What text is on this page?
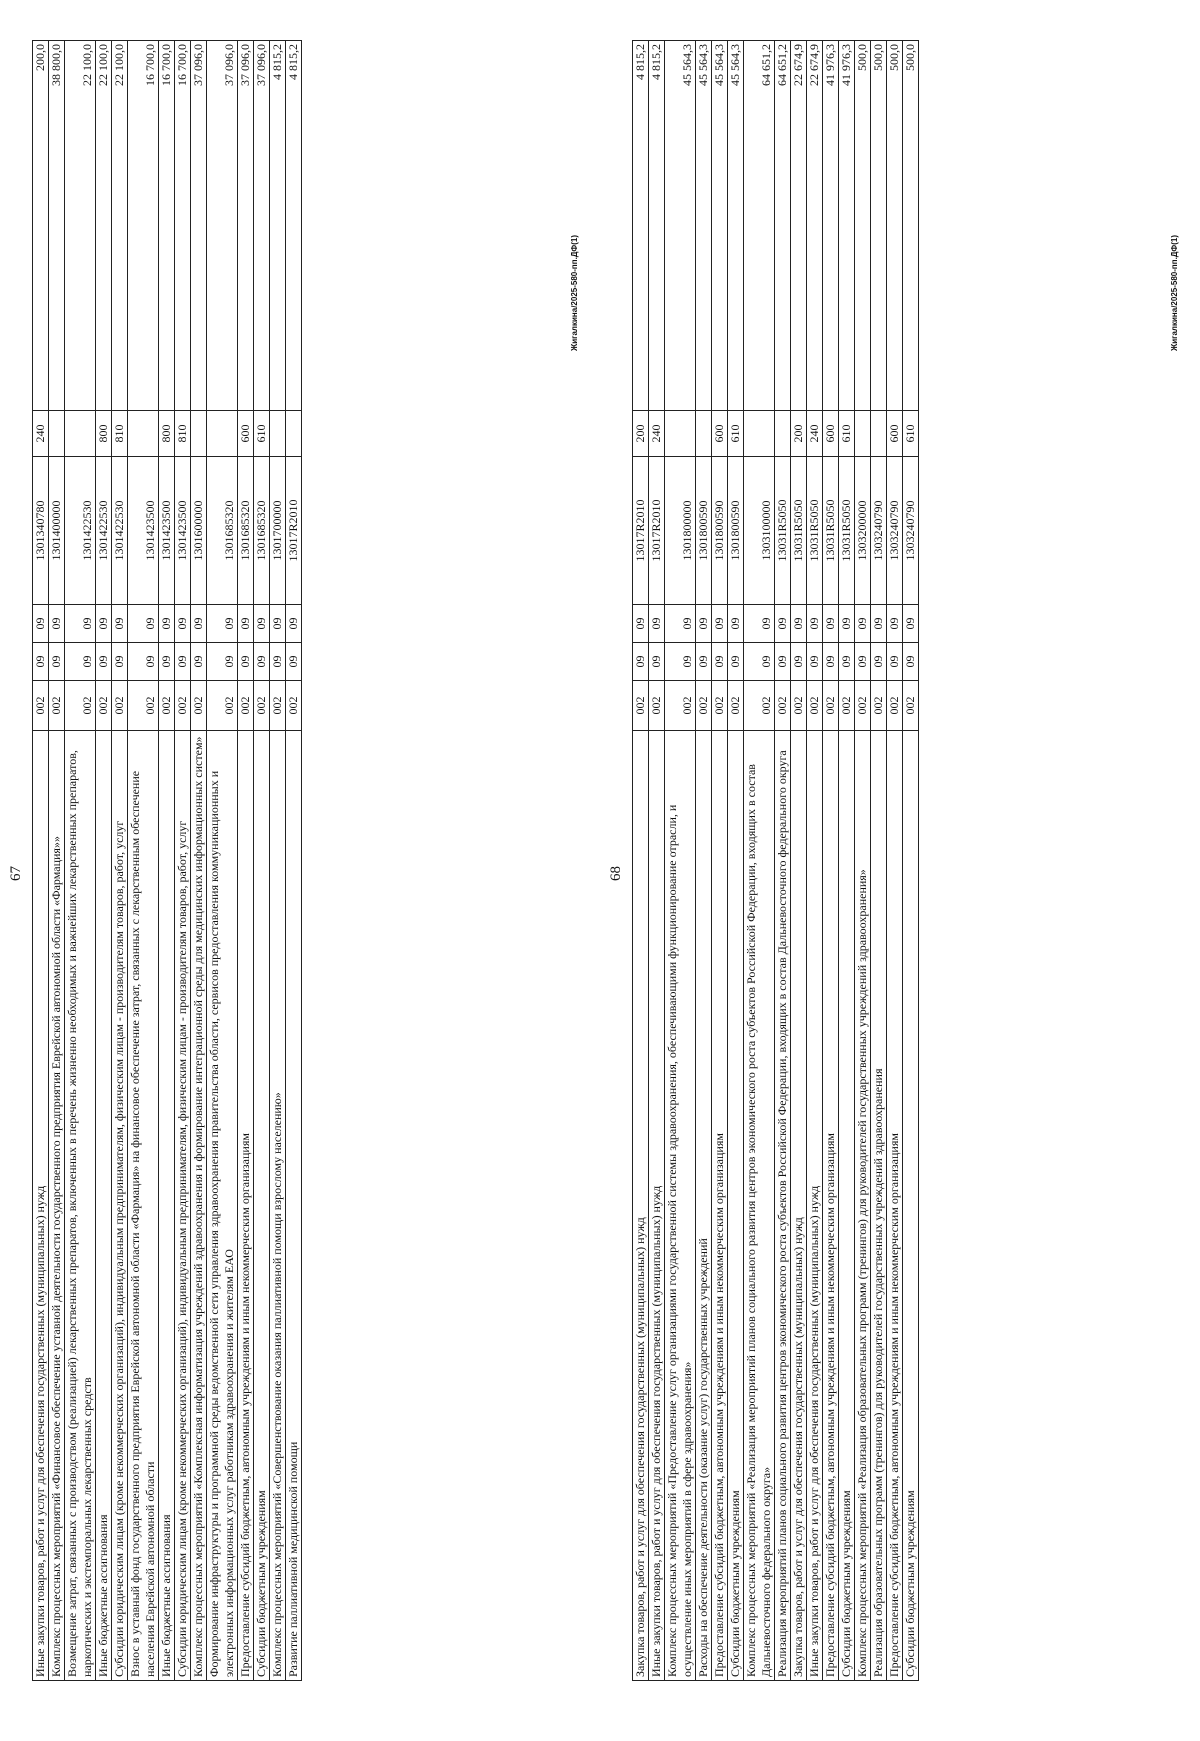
67
Иные закупки товаров, работ и услуг для обеспечения государственных (муниципальных) нужд	002	09	09	1301340780	240	200,0
Комплекс процессных мероприятий «Финансовое обеспечение уставной деятельности государственного предприятия Еврейской автономной области «Фармация»»	002	09	09	1301400000		38 800,0
Возмещение затрат, связанных с производством (реализацией) лекарственных препаратов, включенных в перечень жизненно необходимых и важнейших лекарственных препаратов, наркотических и экстемпоральных лекарственных средств	002	09	09	1301422530		22 100,0
Иные бюджетные ассигнования	002	09	09	1301422530	800	22 100,0
Субсидии юридическим лицам (кроме некоммерческих организаций), индивидуальным предпринимателям, физическим лицам - производителям товаров, работ, услуг	002	09	09	1301422530	810	22 100,0
Взнос в уставный фонд государственного предприятия Еврейской автономной области «Фармация» на финансовое обеспечение затрат, связанных с лекарственным обеспечение населения Еврейской автономной области	002	09	09	1301423500		16 700,0
Иные бюджетные ассигнования	002	09	09	1301423500	800	16 700,0
Субсидии юридическим лицам (кроме некоммерческих организаций), индивидуальным предпринимателям, физическим лицам - производителям товаров, работ, услуг	002	09	09	1301423500	810	16 700,0
Комплекс процессных мероприятий «Комплексная информатизация учреждений здравоохранения и формирование интеграционной среды для медицинских информационных систем»	002	09	09	1301600000		37 096,0
Формирование инфраструктуры и программной среды ведомственной сети управления здравоохранения правительства области, сервисов предоставления коммуникационных и электронных информационных услуг работникам здравоохранения и жителям ЕАО	002	09	09	1301685320		37 096,0
Предоставление субсидий бюджетным, автономным учреждениям и иным некоммерческим организациям	002	09	09	1301685320	600	37 096,0
Субсидии бюджетным учреждениям	002	09	09	1301685320	610	37 096,0
Комплекс процессных мероприятий «Совершенствование оказания паллиативной помощи взрослому населению»	002	09	09	1301700000		4 815,2
Развитие паллиативной медицинской помощи	002	09	09	13017R2010		4 815,2
Жигалкина/2025-580-пп.ДФ(1)
68
Закупка товаров, работ и услуг для обеспечения государственных (муниципальных) нужд	002	09	09	13017R2010	200	4 815,2
Иные закупки товаров, работ и услуг для обеспечения государственных (муниципальных) нужд	002	09	09	13017R2010	240	4 815,2
Комплекс процессных мероприятий «Предоставление услуг организациями государственной системы здравоохранения, обеспечивающими функционирование отрасли, и осуществление иных мероприятий в сфере здравоохранения»	002	09	09	1301800000		45 564,3
Расходы на обеспечение деятельности (оказание услуг) государственных учреждений	002	09	09	1301800590		45 564,3
Предоставление субсидий бюджетным, автономным учреждениям и иным некоммерческим организациям	002	09	09	1301800590	600	45 564,3
Субсидии бюджетным учреждениям	002	09	09	1301800590	610	45 564,3
Комплекс процессных мероприятий «Реализация мероприятий планов социального развития центров экономического роста субъектов Российской Федерации, входящих в состав Дальневосточного федерального округа»	002	09	09	1303100000		64 651,2
Реализация мероприятий планов социального развития центров экономического роста субъектов Российской Федерации, входящих в состав Дальневосточного федерального округа	002	09	09	13031R5050		64 651,2
Закупка товаров, работ и услуг для обеспечения государственных (муниципальных) нужд	002	09	09	13031R5050	200	22 674,9
Иные закупки товаров, работ и услуг для обеспечения государственных (муниципальных) нужд	002	09	09	13031R5050	240	22 674,9
Предоставление субсидий бюджетным, автономным учреждениям и иным некоммерческим организациям	002	09	09	13031R5050	600	41 976,3
Субсидии бюджетным учреждениям	002	09	09	13031R5050	610	41 976,3
Комплекс процессных мероприятий «Реализация образовательных программ (тренингов) для руководителей государственных учреждений здравоохранения»	002	09	09	1303200000		500,0
Реализация образовательных программ (тренингов) для руководителей государственных учреждений здравоохранения	002	09	09	1303240790		500,0
Предоставление субсидий бюджетным, автономным учреждениям и иным некоммерческим организациям	002	09	09	1303240790	600	500,0
Субсидии бюджетным учреждениям	002	09	09	1303240790	610	500,0
Жигалкина/2025-580-пп.ДФ(1)
